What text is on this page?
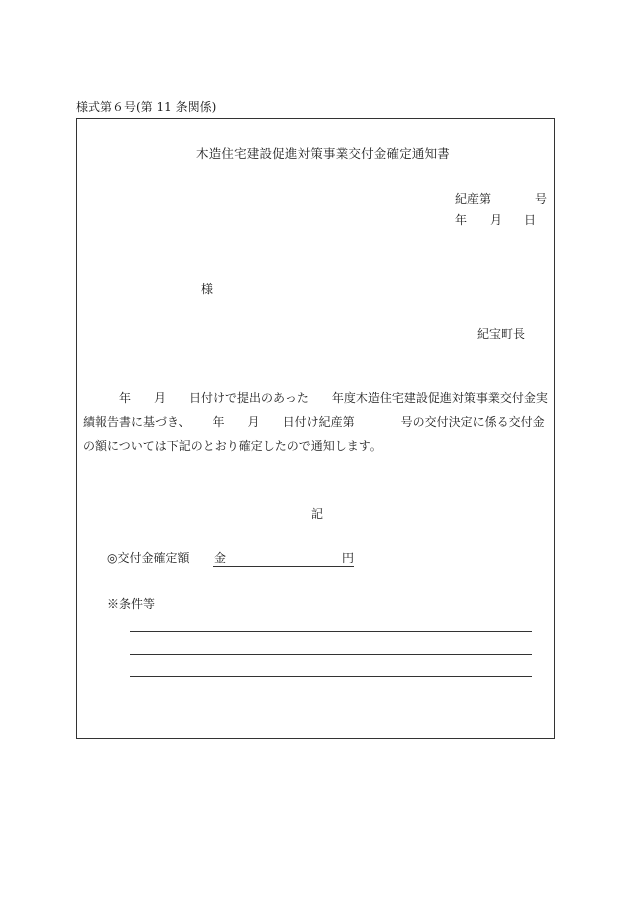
様式第６号(第 11 条関係)
木造住宅建設促進対策事業交付金確定通知書
紀産第	号
年 月 日
様
紀宝町長
年 月 日付けで提出のあった 年度木造住宅建設促進対策事業交付金実
績報告書に基づき、 年 月 日付け紀産第	号の交付決定に係る交付金
の額については下記のとおり確定したので通知します。
記
◎交付金確定額 金	円

※条件等
